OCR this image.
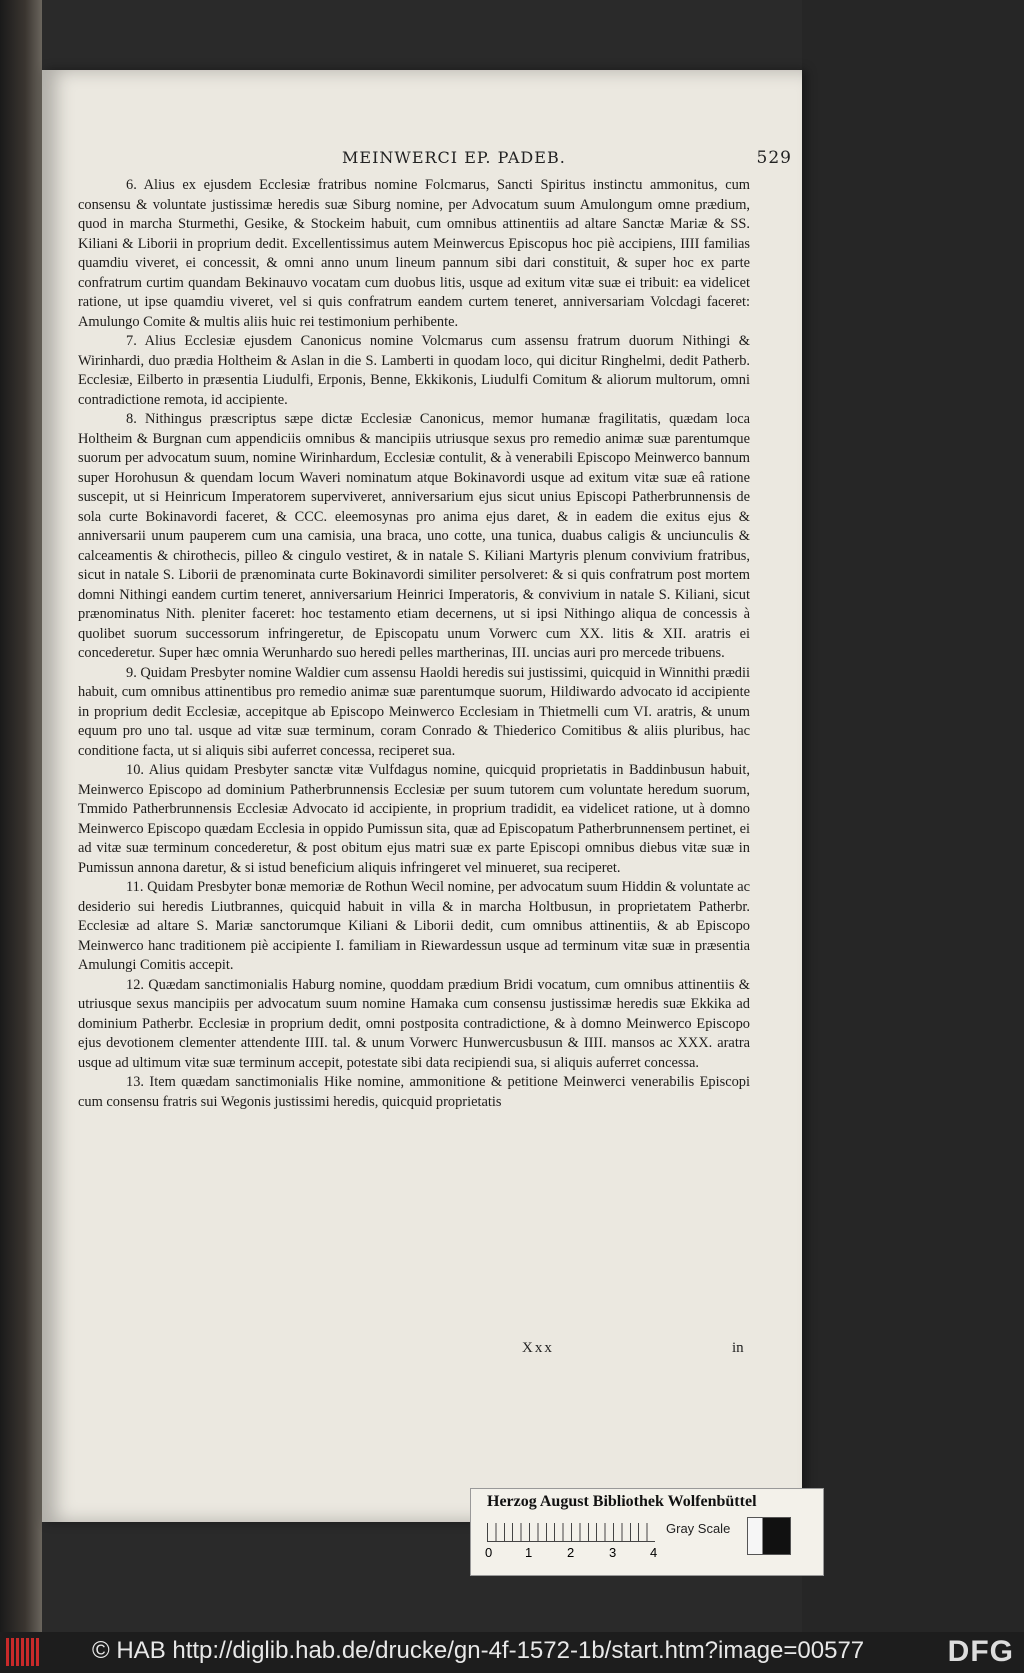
MEINWERCI EP. PADEB.	529

6. Alius ex ejusdem Ecclesiæ fratribus nomine Folcmarus, Sancti Spiritus instinctu ammonitus, cum consensu & voluntate justissimæ heredis suæ Siburg nomine, per Advocatum suum Amulongum omne prædium, quod in marcha Sturmethi, Gesike, & Stockeim habuit, cum omnibus attinentiis ad altare Sanctæ Mariæ & SS. Kiliani & Liborii in proprium dedit. Excellentissimus autem Meinwercus Episcopus hoc piè accipiens, IIII familias quamdiu viveret, ei concessit, & omni anno unum lineum pannum sibi dari constituit, & super hoc ex parte confratrum curtim quandam Bekinauvo vocatam cum duobus litis, usque ad exitum vitæ suæ ei tribuit: ea videlicet ratione, ut ipse quamdiu viveret, vel si quis confratrum eandem curtem teneret, anniversariam Volcdagi faceret: Amulungo Comite & multis aliis huic rei testimonium perhibente.

7. Alius Ecclesiæ ejusdem Canonicus nomine Volcmarus cum assensu fratrum duorum Nithingi & Wirinhardi, duo prædia Holtheim & Aslan in die S. Lamberti in quodam loco, qui dicitur Ringhelmi, dedit Patherb. Ecclesiæ, Eilberto in præsentia Liudulfi, Erponis, Benne, Ekkikonis, Liudulfi Comitum & aliorum multorum, omni contradictione remota, id accipiente.

8. Nithingus præscriptus sæpe dictæ Ecclesiæ Canonicus, memor humanæ fragilitatis, quædam loca Holtheim & Burgnan cum appendiciis omnibus & mancipiis utriusque sexus pro remedio animæ suæ parentumque suorum per advocatum suum, nomine Wirinhardum, Ecclesiæ contulit, & à venerabili Episcopo Meinwerco bannum super Horohusun & quendam locum Waveri nominatum atque Bokinavordi usque ad exitum vitæ suæ eâ ratione suscepit, ut si Heinricum Imperatorem superviveret, anniversarium ejus sicut unius Episcopi Patherbrunnensis de sola curte Bokinavordi faceret, & CCC. eleemosynas pro anima ejus daret, & in eadem die exitus ejus & anniversarii unum pauperem cum una camisia, una braca, uno cotte, una tunica, duabus caligis & unciunculis & calceamentis & chirothecis, pilleo & cingulo vestiret, & in natale S. Kiliani Martyris plenum convivium fratribus, sicut in natale S. Liborii de prænominata curte Bokinavordi similiter persolveret: & si quis confratrum post mortem domni Nithingi eandem curtim teneret, anniversarium Heinrici Imperatoris, & convivium in natale S. Kiliani, sicut prænominatus Nith. pleniter faceret: hoc testamento etiam decernens, ut si ipsi Nithingo aliqua de concessis à quolibet suorum successorum infringeretur, de Episcopatu unum Vorwerc cum XX. litis & XII. aratris ei concederetur. Super hæc omnia Werunhardo suo heredi pelles martherinas, III. uncias auri pro mercede tribuens.

9. Quidam Presbyter nomine Waldier cum assensu Haoldi heredis sui justissimi, quicquid in Winnithi prædii habuit, cum omnibus attinentibus pro remedio animæ suæ parentumque suorum, Hildiwardo advocato id accipiente in proprium dedit Ecclesiæ, accepitque ab Episcopo Meinwerco Ecclesiam in Thietmelli cum VI. aratris, & unum equum pro uno tal. usque ad vitæ suæ terminum, coram Conrado & Thiederico Comitibus & aliis pluribus, hac conditione facta, ut si aliquis sibi auferret concessa, reciperet sua.

10. Alius quidam Presbyter sanctæ vitæ Vulfdagus nomine, quicquid proprietatis in Baddinbusun habuit, Meinwerco Episcopo ad dominium Patherbrunnensis Ecclesiæ per suum tutorem cum voluntate heredum suorum, Tmmido Patherbrunnensis Ecclesiæ Advocato id accipiente, in proprium tradidit, ea videlicet ratione, ut à domno Meinwerco Episcopo quædam Ecclesia in oppido Pumissun sita, quæ ad Episcopatum Patherbrunnensem pertinet, ei ad vitæ suæ terminum concederetur, & post obitum ejus matri suæ ex parte Episcopi omnibus diebus vitæ suæ in Pumissun annona daretur, & si istud beneficium aliquis infringeret vel minueret, sua reciperet.

11. Quidam Presbyter bonæ memoriæ de Rothun Wecil nomine, per advocatum suum Hiddin & voluntate ac desiderio sui heredis Liutbrannes, quicquid habuit in villa & in marcha Holtbusun, in proprietatem Patherbr. Ecclesiæ ad altare S. Mariæ sanctorumque Kiliani & Liborii dedit, cum omnibus attinentiis, & ab Episcopo Meinwerco hanc traditionem piè accipiente I. familiam in Riewardessun usque ad terminum vitæ suæ in præsentia Amulungi Comitis accepit.

12. Quædam sanctimonialis Haburg nomine, quoddam prædium Bridi vocatum, cum omnibus attinentiis & utriusque sexus mancipiis per advocatum suum nomine Hamaka cum consensu justissimæ heredis suæ Ekkika ad dominium Patherbr. Ecclesiæ in proprium dedit, omni postposita contradictione, & à domno Meinwerco Episcopo ejus devotionem clementer attendente IIII. tal. & unum Vorwerc Hunwercusbusun & IIII. mansos ac XXX. aratra usque ad ultimum vitæ suæ terminum accepit, potestate sibi data recipiendi sua, si aliquis auferret concessa.

13. Item quædam sanctimonialis Hike nomine, ammonitione & petitione Meinwerci venerabilis Episcopi cum consensu fratris sui Wegonis justissimi heredis, quicquid proprietatis

Xxx	in
Herzog August Bibliothek Wolfenbüttel
Gray Scale
0	1	2	3	4
© HAB http://diglib.hab.de/drucke/gn-4f-1572-1b/start.htm?image=00577	DFG
